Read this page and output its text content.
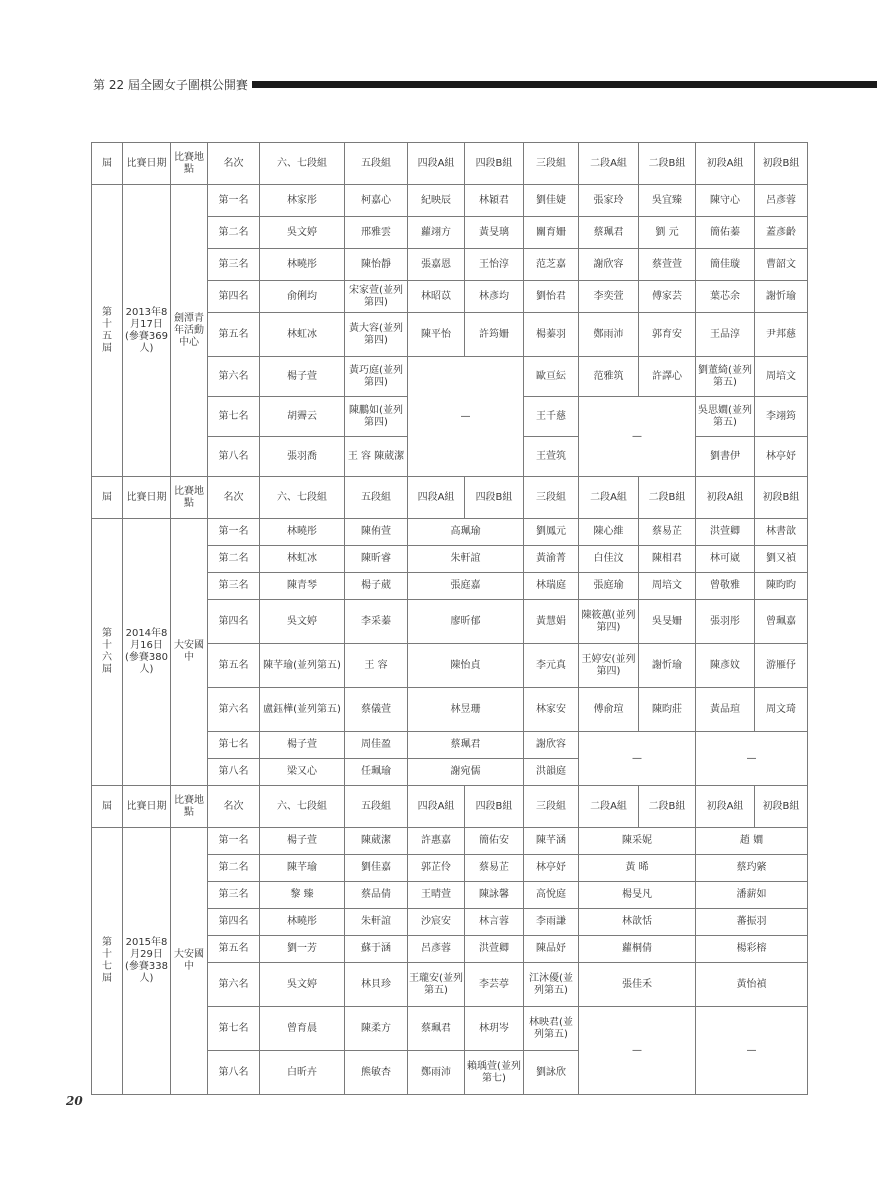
第 22 屆全國女子圍棋公開賽
屆	比賽日期	比賽地點	名次	六、七段組	五段組	四段A組	四段B組	三段組	二段A組	二段B組	初段A組	初段B組

第
十
五
屆	2013年8月17日(參賽369人)	劍潭青年活動中心	第一名	林家彤	柯嘉心	紀映辰	林穎君	劉佳婕	張家玲	吳宜臻	陳守心	呂彥蓉
			第二名	吳文婷	邢雅雲	蘿翊方	黃旻璃	關育姍	蔡珮君	劉 元	簡佑蓁	蓋彥齡
			第三名	林曉彤	陳怡靜	張嘉恩	王怡淳	范芝嘉	謝欣容	蔡萱萱	簡佳璇	曹韶文
			第四名	俞俐均	宋家萱(並列第四)	林昭苡	林彥均	劉怡君	李奕萱	傅家芸	葉芯余	謝忻瑜
			第五名	林虹冰	黃大容(並列第四)	陳平怡	許筠姍	楊蓁羽	鄭雨沛	郭育安	王品淳	尹邦慈
			第六名	楊子萱	黃巧庭(並列第四)	—		歐亘紜	范雅筑	許譯心	劉董綺(並列第五)	周培文
			第七名	胡霽云	陳鵬如(並列第四)			王千慈	—		吳思嫺(並列第五)	李翊筠
			第八名	張羽喬	王 容 陳葳潔			王萱筑			劉書伊	林亭妤
屆	比賽日期	比賽地點	名次	六、七段組	五段組	四段A組	四段B組	三段組	二段A組	二段B組	初段A組	初段B組

第
十
六
屆	2014年8月16日(參賽380人)	大安國中	第一名	林曉彤	陳侑萱	高珮瑜		劉鳳元	陳心維	蔡易芷	洪萱卿	林書歆
			第二名	林虹冰	陳昕睿	朱軒誼		黃渝菁	白佳汶	陳相君	林可崴	劉又禎
			第三名	陳青琴	楊子葳	張庭嘉		林瑞庭	張庭瑜	周培文	曾敬雅	陳昀昀
			第四名	吳文婷	李采蓁	廖昕郁		黃慧娟	陳筱蕙(並列第四)	吳旻姍	張羽彤	曾珮嘉
			第五名	陳芊瑜(並列第五)	王 容	陳怡貞		李元真	王婷安(並列第四)	謝忻瑜	陳彥妏	游雁伃
			第六名	盧鈺樺(並列第五)	蔡儀萱	林昱珊		林家安	傅俞瑄	陳昀莊	黃品瑄	周文琦
			第七名	楊子萱	周佳盈	蔡珮君		謝欣容	—		—	
			第八名	梁又心	任珮瑜	謝宛儒		洪韻庭				
屆	比賽日期	比賽地點	名次	六、七段組	五段組	四段A組	四段B組	三段組	二段A組	二段B組	初段A組	初段B組

第
十
七
屆	2015年8月29日(參賽338人)	大安國中	第一名	楊子萱	陳葳潔	許惠嘉	簡佑安	陳芊涵	陳采妮		趙 嫺	
			第二名	陳芊瑜	劉佳嘉	郭芷伶	蔡易芷	林亭妤	黃 晞		蔡玓綮	
			第三名	黎 臻	蔡品倩	王晴萱	陳詠馨	高悅庭	楊旻凡		潘薪如	
			第四名	林曉彤	朱軒誼	沙宸安	林言蓉	李雨謙	林歆恬		蕃振羽	
			第五名	劉一芳	蘇于涵	呂彥蓉	洪萱卿	陳品妤	蘿桐倩		楊彩榕	
			第六名	吳文婷	林貝珍	王瓏安(並列第五)	李芸葶	江沐優(並列第五)	張佳禾		黃怡禎	
			第七名	曾育晨	陳柔方	蔡珮君	林玥岑	林映君(並列第五)	—		—	
			第八名	白昕卉	熊敏杏	鄭雨沛	賴瑀萱(並列第七)	劉詠欣				
20
